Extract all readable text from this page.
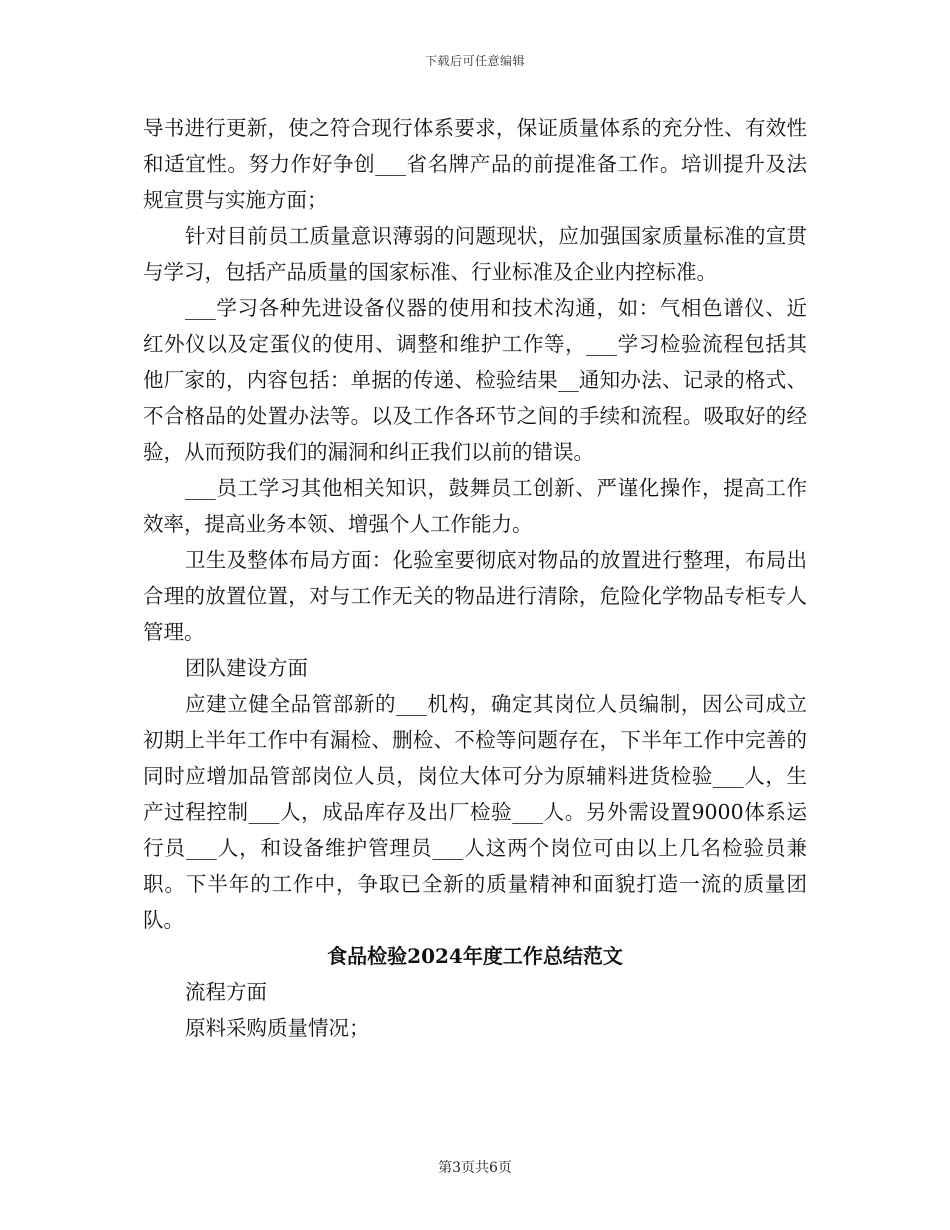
下载后可任意编辑

导书进行更新，使之符合现行体系要求，保证质量体系的充分性、有效性和适宜性。努力作好争创___省名牌产品的前提准备工作。培训提升及法规宣贯与实施方面；

针对目前员工质量意识薄弱的问题现状，应加强国家质量标准的宣贯与学习，包括产品质量的国家标准、行业标准及企业内控标准。

___学习各种先进设备仪器的使用和技术沟通，如：气相色谱仪、近红外仪以及定蛋仪的使用、调整和维护工作等，___学习检验流程包括其他厂家的，内容包括：单据的传递、检验结果__通知办法、记录的格式、不合格品的处置办法等。以及工作各环节之间的手续和流程。吸取好的经验，从而预防我们的漏洞和纠正我们以前的错误。

___员工学习其他相关知识，鼓舞员工创新、严谨化操作，提高工作效率，提高业务本领、增强个人工作能力。

卫生及整体布局方面：化验室要彻底对物品的放置进行整理，布局出合理的放置位置，对与工作无关的物品进行清除，危险化学物品专柜专人管理。

团队建设方面

应建立健全品管部新的___机构，确定其岗位人员编制，因公司成立初期上半年工作中有漏检、删检、不检等问题存在，下半年工作中完善的同时应增加品管部岗位人员，岗位大体可分为原辅料进货检验___人，生产过程控制___人，成品库存及出厂检验___人。另外需设置9000体系运行员___人，和设备维护管理员___人这两个岗位可由以上几名检验员兼职。下半年的工作中，争取已全新的质量精神和面貌打造一流的质量团队。

食品检验2024年度工作总结范文

流程方面

原料采购质量情况；

第3页共6页
